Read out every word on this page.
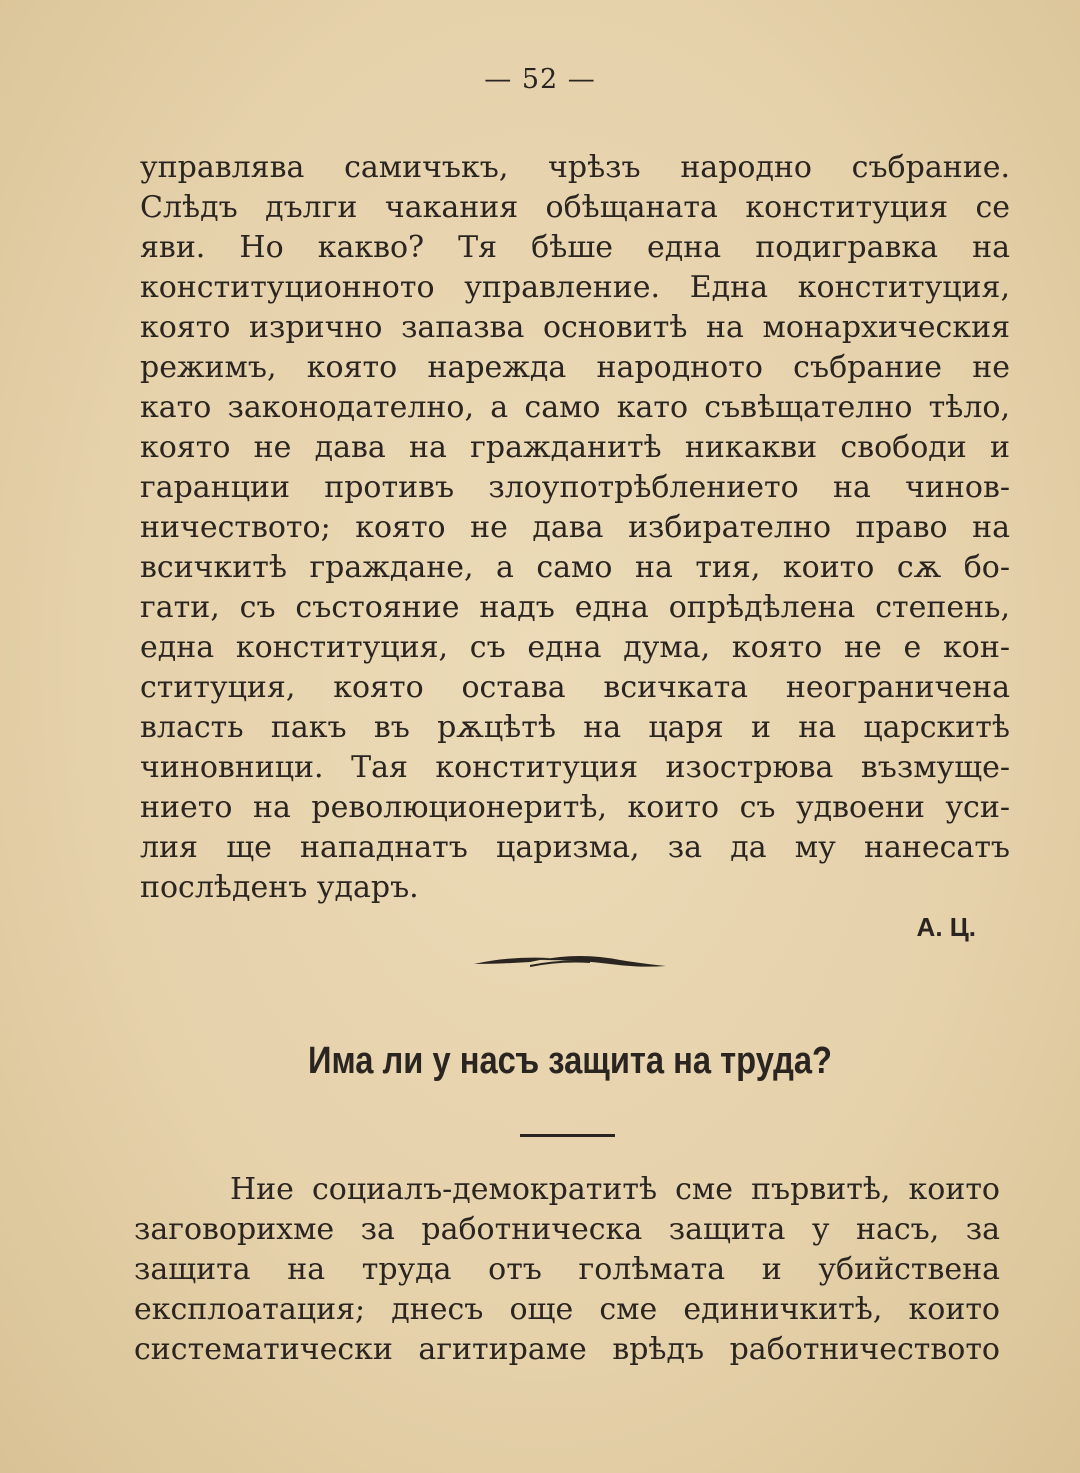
— 52 —
управлява самичъкъ, чрѣзъ народно събрание.
Слѣдъ дълги чакания обѣщаната конституция се
яви. Но какво? Тя бѣше една подигравка на
конституционното управление. Една конституция,
която изрично запазва основитѣ на монархическия
режимъ, която нарежда народното събрание не
като законодателно, а само като съвѣщателно тѣло,
която не дава на гражданитѣ никакви свободи и
гаранции противъ злоупотрѣблението на чинов-
ничеството; която не дава избирателно право на
всичкитѣ граждане, а само на тия, които сѫ бо-
гати, съ състояние надъ една опрѣдѣлена степень,
една конституция, съ една дума, която не е кон-
ституция, която остава всичката неограничена
власть пакъ въ рѫцѣтѣ на царя и на царскитѣ
чиновници. Тая конституция изострюва възмуще-
нието на революционеритѣ, които съ удвоени уси-
лия ще нападнатъ царизма, за да му нанесатъ
послѣденъ ударъ.
А. Ц.
Има ли у насъ защита на труда?
Ние социалъ-демократитѣ сме първитѣ, които
заговорихме за работническа защита у насъ, за
защита на труда отъ голѣмата и убийствена
експлоатация; днесъ още сме единичкитѣ, които
систематически агитираме врѣдъ работничеството
